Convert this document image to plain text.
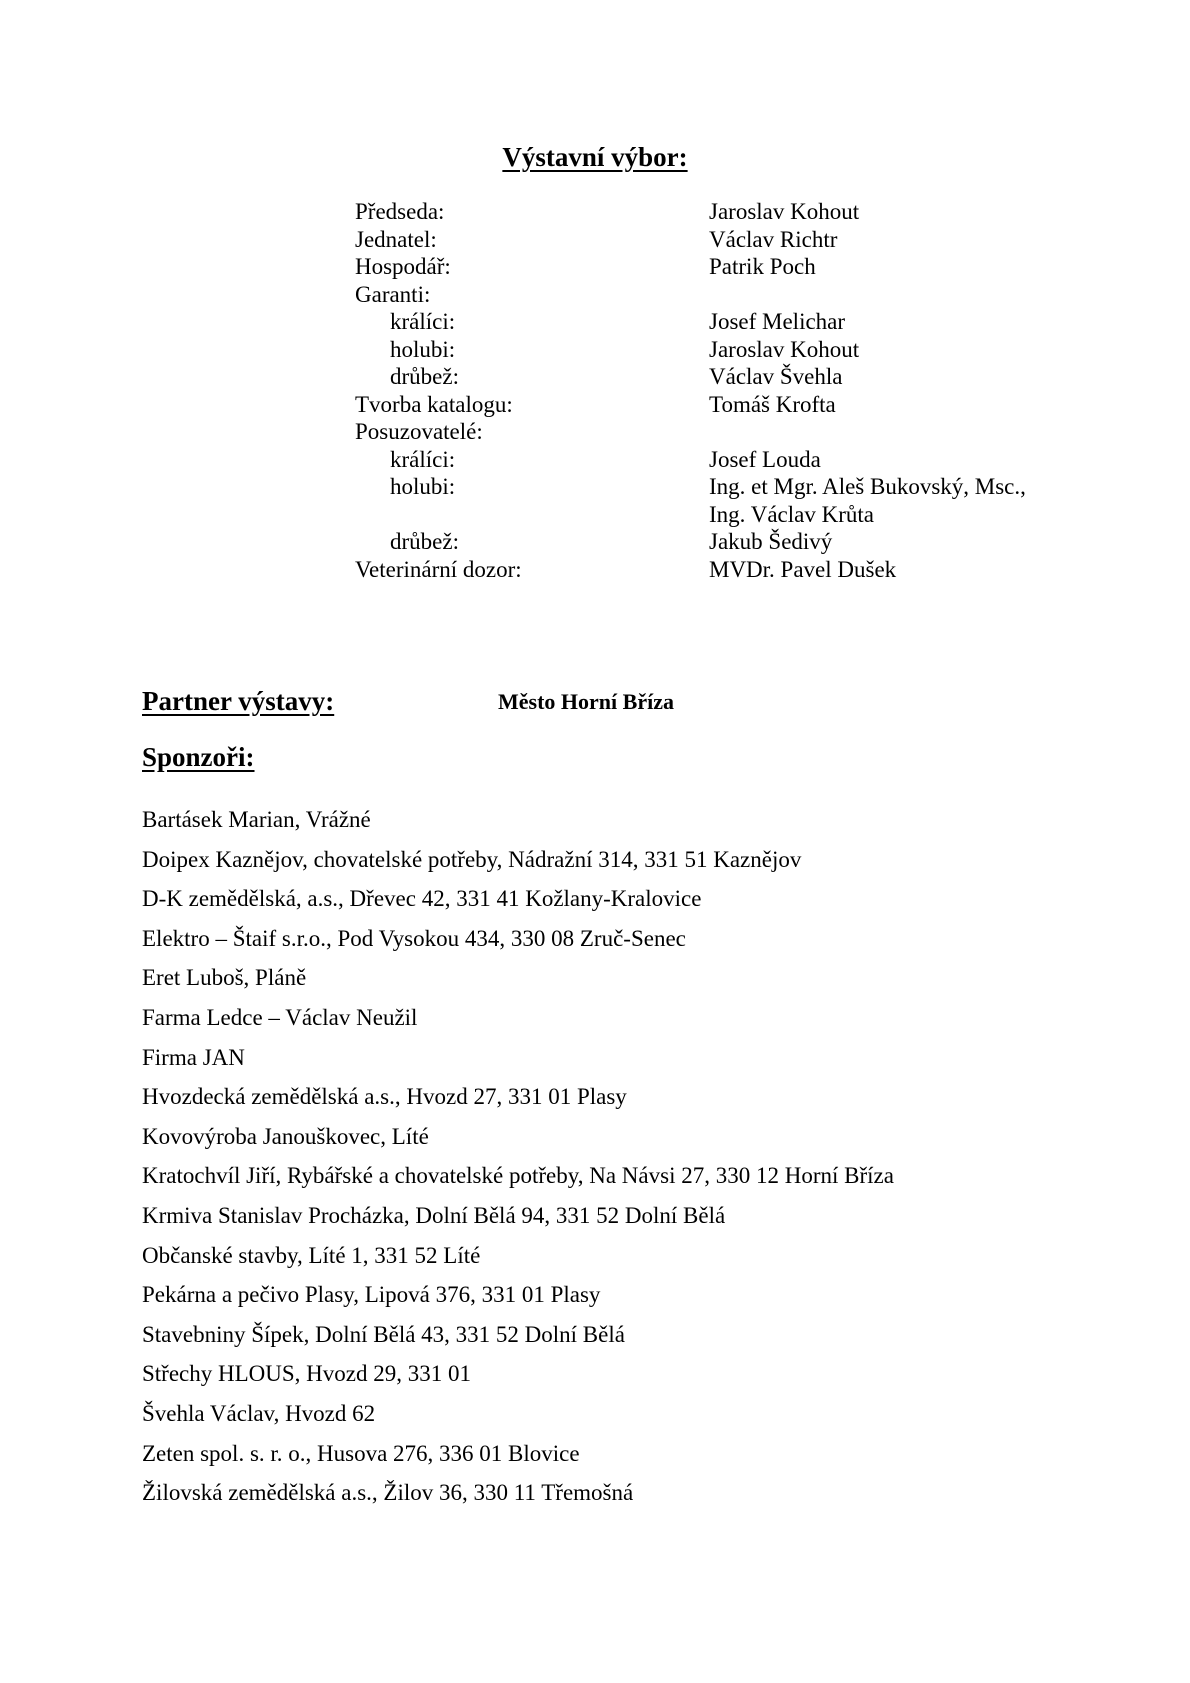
Výstavní výbor:
Předseda:	Jaroslav Kohout
Jednatel:	Václav Richtr
Hospodář:	Patrik Poch
Garanti:
králíci:	Josef Melichar
holubi:	Jaroslav Kohout
drůbež:	Václav Švehla
Tvorba katalogu:	Tomáš Krofta
Posuzovatelé:
králíci:	Josef Louda
holubi:	Ing. et Mgr. Aleš Bukovský, Msc.,
Ing. Václav Krůta
drůbež:	Jakub Šedivý
Veterinární dozor:	MVDr. Pavel Dušek
Partner výstavy:	Město Horní Bříza
Sponzoři:
Bartásek Marian, Vrážné
Doipex Kaznějov, chovatelské potřeby, Nádražní 314, 331 51 Kaznějov
D-K zemědělská, a.s., Dřevec 42, 331 41 Kožlany-Kralovice
Elektro – Štaif s.r.o., Pod Vysokou 434, 330 08 Zruč-Senec
Eret Luboš, Pláně
Farma Ledce – Václav Neužil
Firma JAN
Hvozdecká zemědělská a.s., Hvozd 27, 331 01 Plasy
Kovovýroba Janouškovec, Líté
Kratochvíl Jiří, Rybářské a chovatelské potřeby, Na Návsi 27, 330 12 Horní Bříza
Krmiva Stanislav Procházka, Dolní Bělá 94, 331 52 Dolní Bělá
Občanské stavby, Líté 1, 331 52 Líté
Pekárna a pečivo Plasy, Lipová 376, 331 01 Plasy
Stavebniny Šípek, Dolní Bělá 43, 331 52 Dolní Bělá
Střechy HLOUS, Hvozd 29, 331 01
Švehla Václav, Hvozd 62
Zeten spol. s. r. o., Husova 276, 336 01 Blovice
Žilovská zemědělská a.s., Žilov 36, 330 11 Třemošná
